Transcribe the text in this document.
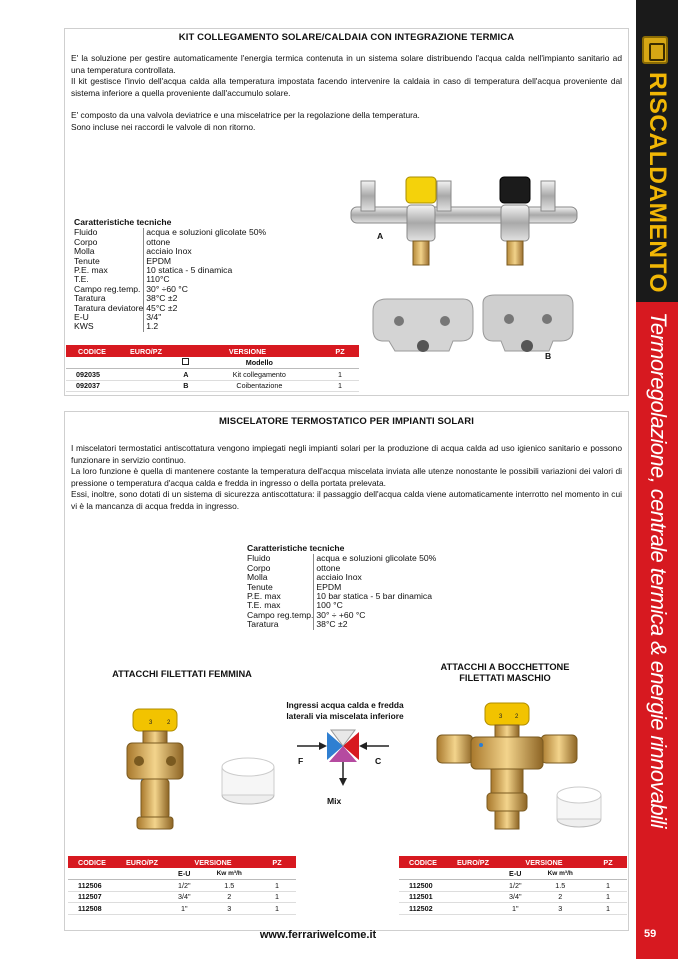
RISCALDAMENTO
Termoregolazione, centrale termica & energie rinnovabili
59
KIT COLLEGAMENTO SOLARE/CALDAIA CON INTEGRAZIONE TERMICA

E' la soluzione per gestire automaticamente l'energia termica contenuta in un sistema solare distribuendo l'acqua calda nell'impianto sanitario ad una temperatura controllata.

Il kit gestisce l'invio dell'acqua calda alla temperatura impostata facendo intervenire la caldaia in caso di temperatura dell'acqua proveniente dal sistema inferiore a quella proveniente dall'accumulo solare.

E' composto da una valvola deviatrice e una miscelatrice per la regolazione della temperatura.

Sono incluse nei raccordi le valvole di non ritorno.

Caratteristiche tecniche
Fluido	acqua e soluzioni glicolate 50%
Corpo	ottone
Molla	acciaio Inox
Tenute	EPDM
P.E. max	10 statica - 5 dinamica
T.E.	110°C
Campo reg.temp.	30° ÷60 °C
Taratura	38°C ±2
Taratura deviatore	45°C ±2
E-U	3/4"
KWS	1.2
A
B
CODICE	EURO/PZ	VERSIONE		PZ
			Modello	
092035		A	Kit collegamento	1
092037		B	Coibentazione	1
MISCELATORE TERMOSTATICO PER IMPIANTI SOLARI

I miscelatori termostatici antiscottatura vengono impiegati negli impianti solari per la produzione di acqua calda ad uso igienico sanitario e possono funzionare in servizio continuo.

La loro funzione è quella di mantenere costante la temperatura dell'acqua miscelata inviata alle utenze nonostante le possibili variazioni dei valori di pressione o temperatura d'acqua calda e fredda in ingresso o della portata prelevata.

Essi, inoltre, sono dotati di un sistema di sicurezza antiscottatura: il passaggio dell'acqua calda viene automaticamente interrotto nel momento in cui vi è la mancanza di acqua fredda in ingresso.

Caratteristiche tecniche
Fluido	acqua e soluzioni glicolate 50%
Corpo	ottone
Molla	acciaio Inox
Tenute	EPDM
P.E. max	10 bar statica - 5 bar dinamica
T.E. max	100 °C
Campo reg.temp.	30° ÷ +60 °C
Taratura	38°C ±2
ATTACCHI FILETTATI FEMMINA
ATTACCHI A BOCCHETTONE FILETTATI MASCHIO
3 2
Ingressi acqua calda e fredda laterali via miscelata inferiore
F	C
Mix
3 2
CODICE	EURO/PZ	VERSIONE		PZ
		E-U	Kw m³/h	
112506		1/2"	1.5	1
112507		3/4"	2	1
112508		1"	3	1
CODICE	EURO/PZ	VERSIONE		PZ
		E-U	Kw m³/h	
112500		1/2"	1.5	1
112501		3/4"	2	1
112502		1"	3	1
www.ferrariwelcome.it
